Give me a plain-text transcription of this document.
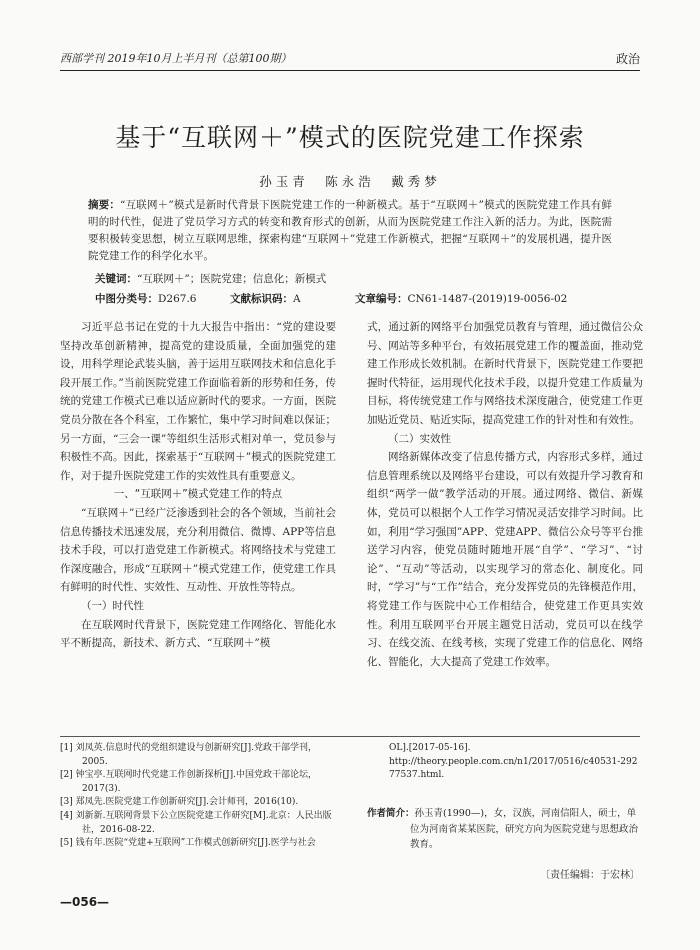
西部学刊 2019年10月上半月刊（总第100期）	政治
基于“互联网＋”模式的医院党建工作探索
孙玉青　陈永浩　戴秀梦
摘要：“互联网＋”模式是新时代背景下医院党建工作的一种新模式。基于“互联网＋”模式的医院党建工作具有鲜明的时代性，促进了党员学习方式的转变和教育形式的创新，从而为医院党建工作注入新的活力。为此，医院需要积极转变思想，树立互联网思维，探索构建“互联网＋”党建工作新模式，把握“互联网＋”的发展机遇，提升医院党建工作的科学化水平。
关键词：“互联网＋”；医院党建；信息化；新模式
中图分类号：D267.6	文献标识码：A	文章编号：CN61-1487-(2019)19-0056-02

习近平总书记在党的十九大报告中指出：“党的建设要坚持改革创新精神，提高党的建设质量，全面加强党的建设，用科学理论武装头脑，善于运用互联网技术和信息化手段开展工作。”当前医院党建工作面临着新的形势和任务，传统的党建工作模式已难以适应新时代的要求。一方面，医院党员分散在各个科室，工作繁忙，集中学习时间难以保证；另一方面，“三会一课”等组织生活形式相对单一，党员参与积极性不高。因此，探索基于“互联网＋”模式的医院党建工作，对于提升医院党建工作的实效性具有重要意义。

一、“互联网＋”模式党建工作的特点

“互联网＋”已经广泛渗透到社会的各个领域，当前社会信息传播技术迅速发展，充分利用微信、微博、APP等信息技术手段，可以打造党建工作新模式。将网络技术与党建工作深度融合，形成“互联网＋”模式党建工作，使党建工作具有鲜明的时代性、实效性、互动性、开放性等特点。

（一）时代性

在互联网时代背景下，医院党建工作网络化、智能化水平不断提高，新技术、新方式、“互联网＋”模

式，通过新的网络平台加强党员教育与管理，通过微信公众号、网站等多种平台，有效拓展党建工作的覆盖面，推动党建工作形成长效机制。在新时代背景下，医院党建工作要把握时代特征，运用现代化技术手段，以提升党建工作质量为目标，将传统党建工作与网络技术深度融合，使党建工作更加贴近党员、贴近实际，提高党建工作的针对性和有效性。

（二）实效性

网络新媒体改变了信息传播方式，内容形式多样，通过信息管理系统以及网络平台建设，可以有效提升学习教育和组织“两学一做”教学活动的开展。通过网络、微信、新媒体，党员可以根据个人工作学习情况灵活安排学习时间。比如，利用“学习强国”APP、党建APP、微信公众号等平台推送学习内容，使党员随时随地开展“自学”、“学习”、“讨论”、“互动”等活动，以实现学习的常态化、制度化。同时，“学习”与“工作”结合，充分发挥党员的先锋模范作用，将党建工作与医院中心工作相结合，使党建工作更具实效性。利用互联网平台开展主题党日活动，党员可以在线学习、在线交流、在线考核，实现了党建工作的信息化、网络化、智能化，大大提高了党建工作效率。

[1] 刘凤英.信息时代的党组织建设与创新研究[J].党政干部学刊，2005.
[2] 钟宝亭.互联网时代党建工作创新探析[J].中国党政干部论坛，2017(3).
[3] 郑凤先.医院党建工作创新研究[J].会计师刊，2016(10).
[4] 刘新新.互联网背景下公立医院党建工作研究[M].北京：人民出版社，2016-08-22.
[5] 钱有年.医院“党建+互联网”工作模式创新研究[J].医学与社会
OL].[2017-05-16].
http://theory.people.com.cn/n1/2017/0516/c40531-29277537.html.
作者简介：孙玉青(1990—)，女，汉族，河南信阳人，硕士，单位为河南省某某医院，研究方向为医院党建与思想政治教育。
〔责任编辑：于宏林〕
—056—
